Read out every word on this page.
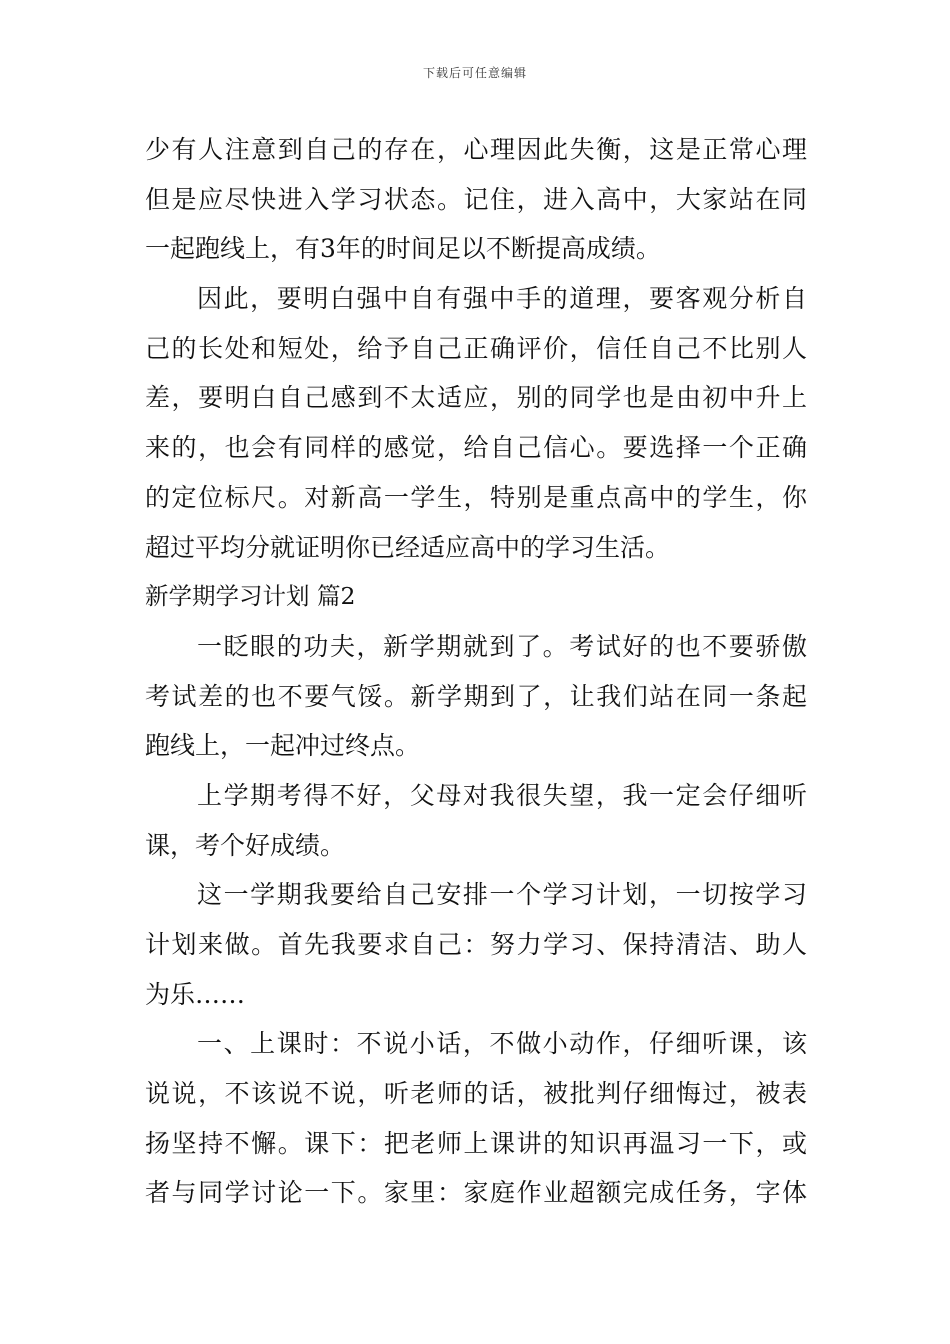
下载后可任意编辑
少有人注意到自己的存在，心理因此失衡，这是正常心理
但是应尽快进入学习状态。记住，进入高中，大家站在同
一起跑线上，有3年的时间足以不断提高成绩。
因此，要明白强中自有强中手的道理，要客观分析自
己的长处和短处，给予自己正确评价，信任自己不比别人
差，要明白自己感到不太适应，别的同学也是由初中升上
来的，也会有同样的感觉，给自己信心。要选择一个正确
的定位标尺。对新高一学生，特别是重点高中的学生，你
超过平均分就证明你已经适应高中的学习生活。
新学期学习计划 篇2
一眨眼的功夫，新学期就到了。考试好的也不要骄傲
考试差的也不要气馁。新学期到了，让我们站在同一条起
跑线上，一起冲过终点。
上学期考得不好，父母对我很失望，我一定会仔细听
课，考个好成绩。
这一学期我要给自己安排一个学习计划，一切按学习
计划来做。首先我要求自己：努力学习、保持清洁、助人
为乐……
一、上课时：不说小话，不做小动作，仔细听课，该
说说，不该说不说，听老师的话，被批判仔细悔过，被表
扬坚持不懈。课下：把老师上课讲的知识再温习一下，或
者与同学讨论一下。家里：家庭作业超额完成任务，字体
